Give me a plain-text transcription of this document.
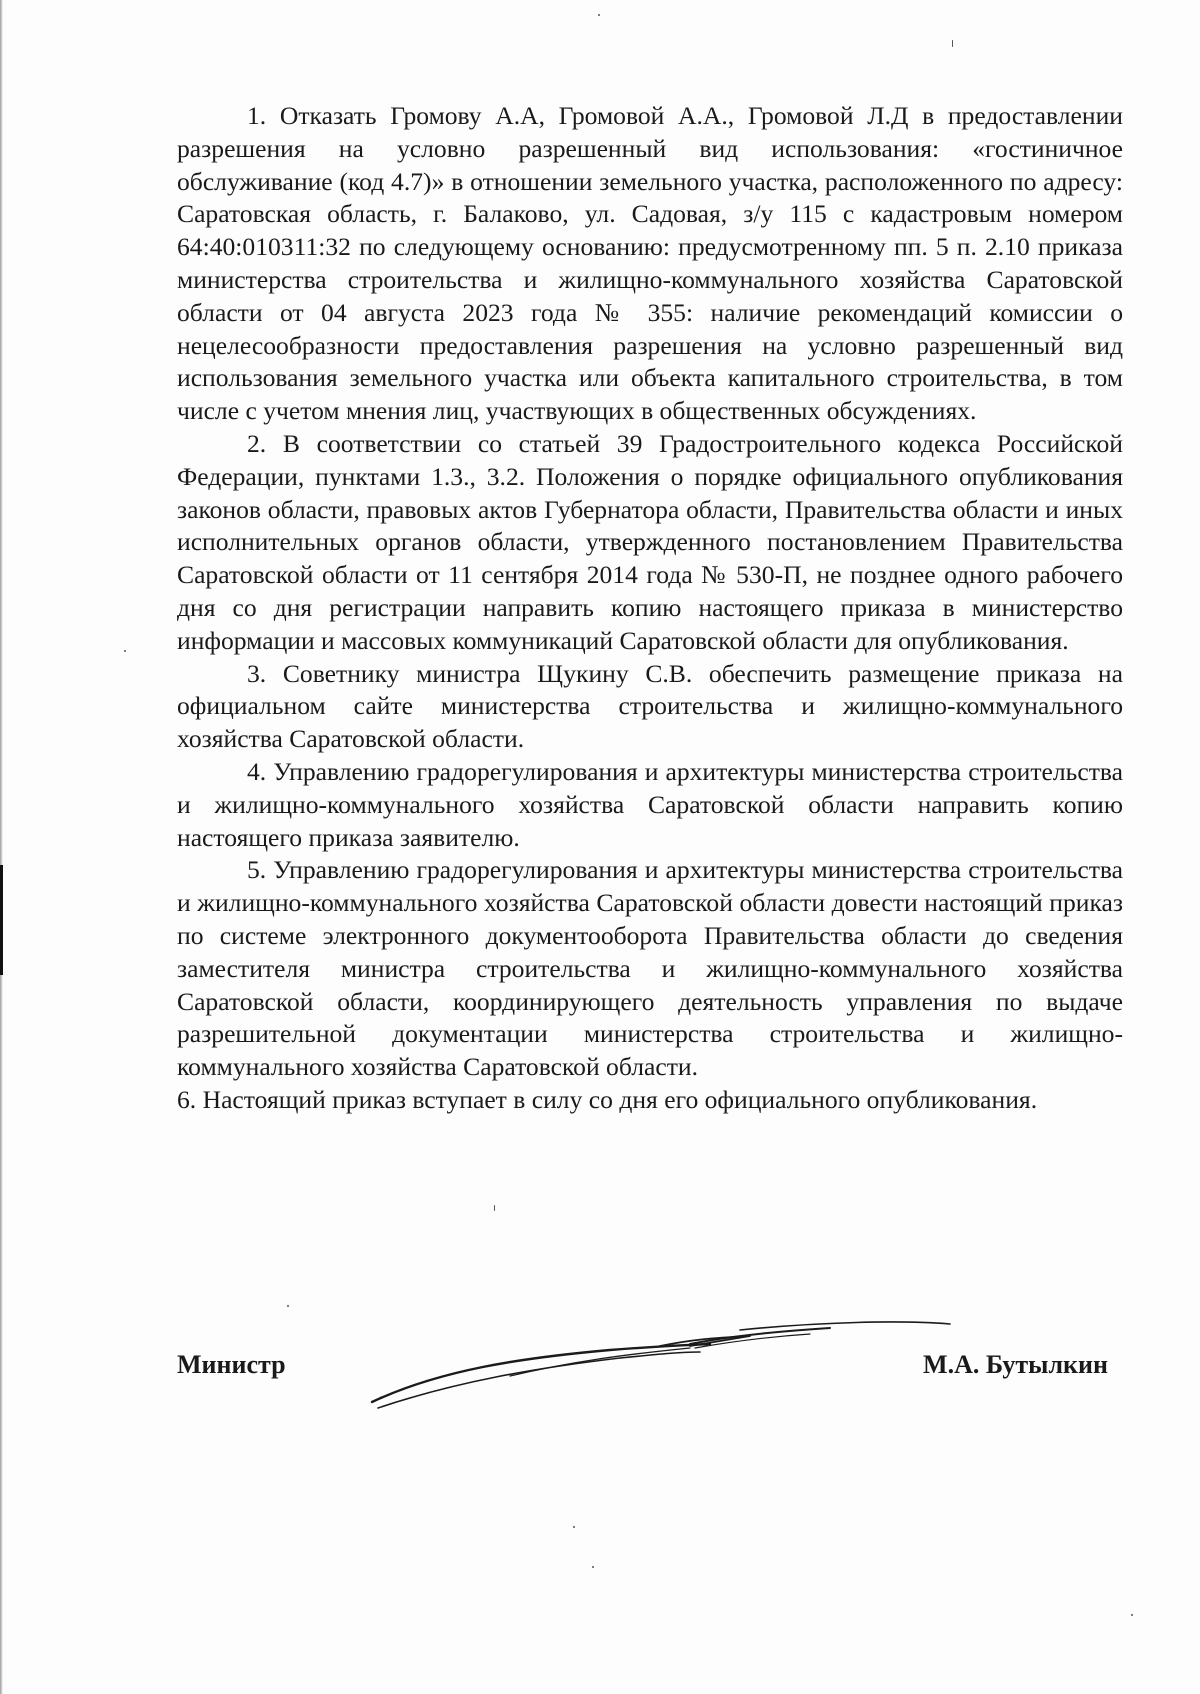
1. Отказать Громову А.А, Громовой А.А., Громовой Л.Д в предоставлении разрешения на условно разрешенный вид использования: «гостиничное обслуживание (код 4.7)» в отношении земельного участка, расположенного по адресу: Саратовская область, г. Балаково, ул. Садовая, з/у 115 с кадастровым номером 64:40:010311:32 по следующему основанию: предусмотренному пп. 5 п. 2.10 приказа министерства строительства и жилищно-коммунального хозяйства Саратовской области от 04 августа 2023 года № 355: наличие рекомендаций комиссии о нецелесообразности предоставления разрешения на условно разрешенный вид использования земельного участка или объекта капитального строительства, в том числе с учетом мнения лиц, участвующих в общественных обсуждениях.

2. В соответствии со статьей 39 Градостроительного кодекса Российской Федерации, пунктами 1.3., 3.2. Положения о порядке официального опубликования законов области, правовых актов Губернатора области, Правительства области и иных исполнительных органов области, утвержденного постановлением Правительства Саратовской области от 11 сентября 2014 года № 530-П, не позднее одного рабочего дня со дня регистрации направить копию настоящего приказа в министерство информации и массовых коммуникаций Саратовской области для опубликования.

3. Советнику министра Щукину С.В. обеспечить размещение приказа на официальном сайте министерства строительства и жилищно-коммунального хозяйства Саратовской области.

4. Управлению градорегулирования и архитектуры министерства строительства и жилищно-коммунального хозяйства Саратовской области направить копию настоящего приказа заявителю.

5. Управлению градорегулирования и архитектуры министерства строительства и жилищно-коммунального хозяйства Саратовской области довести настоящий приказ по системе электронного документооборота Правительства области до сведения заместителя министра строительства и жилищно-коммунального хозяйства Саратовской области, координирующего деятельность управления по выдаче разрешительной документации министерства строительства и жилищно-коммунального хозяйства Саратовской области.

6. Настоящий приказ вступает в силу со дня его официального опубликования.

Министр	М.А. Бутылкин
